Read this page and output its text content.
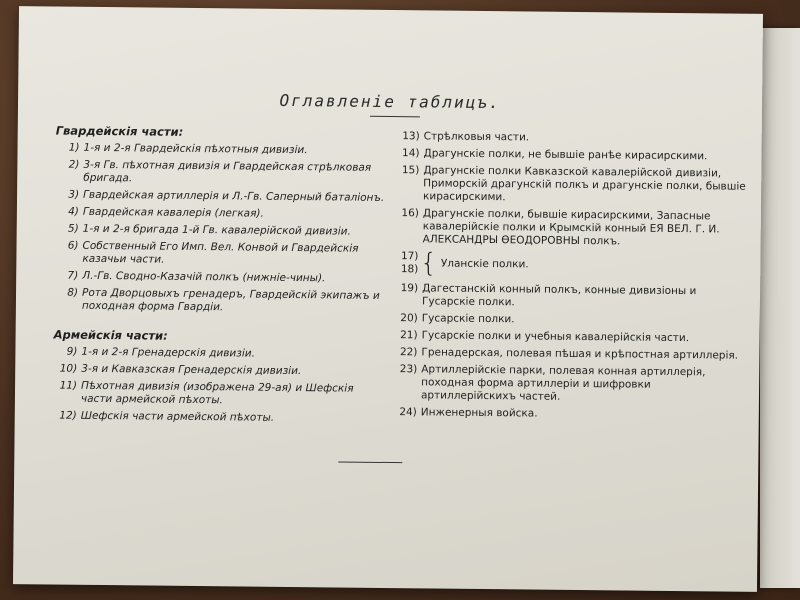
Оглавленіе таблицъ.
Гвардейскія части:
1) 1-я и 2-я Гвардейскія пѣхотныя дивизіи.
2) 3-я Гв. пѣхотная дивизія и Гвардейская стрѣлковая бригада.
3) Гвардейская артиллерія и Л.-Гв. Саперный баталіонъ.
4) Гвардейская кавалерія (легкая).
5) 1-я и 2-я бригада 1-й Гв. кавалерійской дивизіи.
6) Собственный Его Имп. Вел. Конвой и Гвардейскія казачьи части.
7) Л.-Гв. Сводно-Казачій полкъ (нижніе-чины).
8) Рота Дворцовыхъ гренадеръ, Гвардейскій экипажъ и походная форма Гвардіи.
Армейскія части:
9) 1-я и 2-я Гренадерскія дивизіи.
10) 3-я и Кавказская Гренадерскія дивизіи.
11) Пѣхотная дивизія (изображена 29-ая) и Шефскія части армейской пѣхоты.
12) Шефскія части армейской пѣхоты.
13) Стрѣлковыя части.
14) Драгунскіе полки, не бывшіе ранѣе кирасирскими.
15) Драгунскіе полки Кавказской кавалерійской дивизіи, Приморскій драгунскій полкъ и драгунскіе полки, бывшіе кирасирскими.
16) Драгунскіе полки, бывшіе кирасирскими, Запасные кавалерійскіе полки и Крымскій конный ЕЯ ВЕЛ. Г. И. АЛЕКСАНДРЫ ѲЕОДОРОВНЫ полкъ.
17)
18) { Уланскіе полки.
19) Дагестанскій конный полкъ, конные дивизіоны и Гусарскіе полки.
20) Гусарскіе полки.
21) Гусарскіе полки и учебныя кавалерійскія части.
22) Гренадерская, полевая пѣшая и крѣпостная артиллерія.
23) Артиллерійскіе парки, полевая конная артиллерія, походная форма артиллеріи и шифровки артиллерійскихъ частей.
24) Инженерныя войска.
